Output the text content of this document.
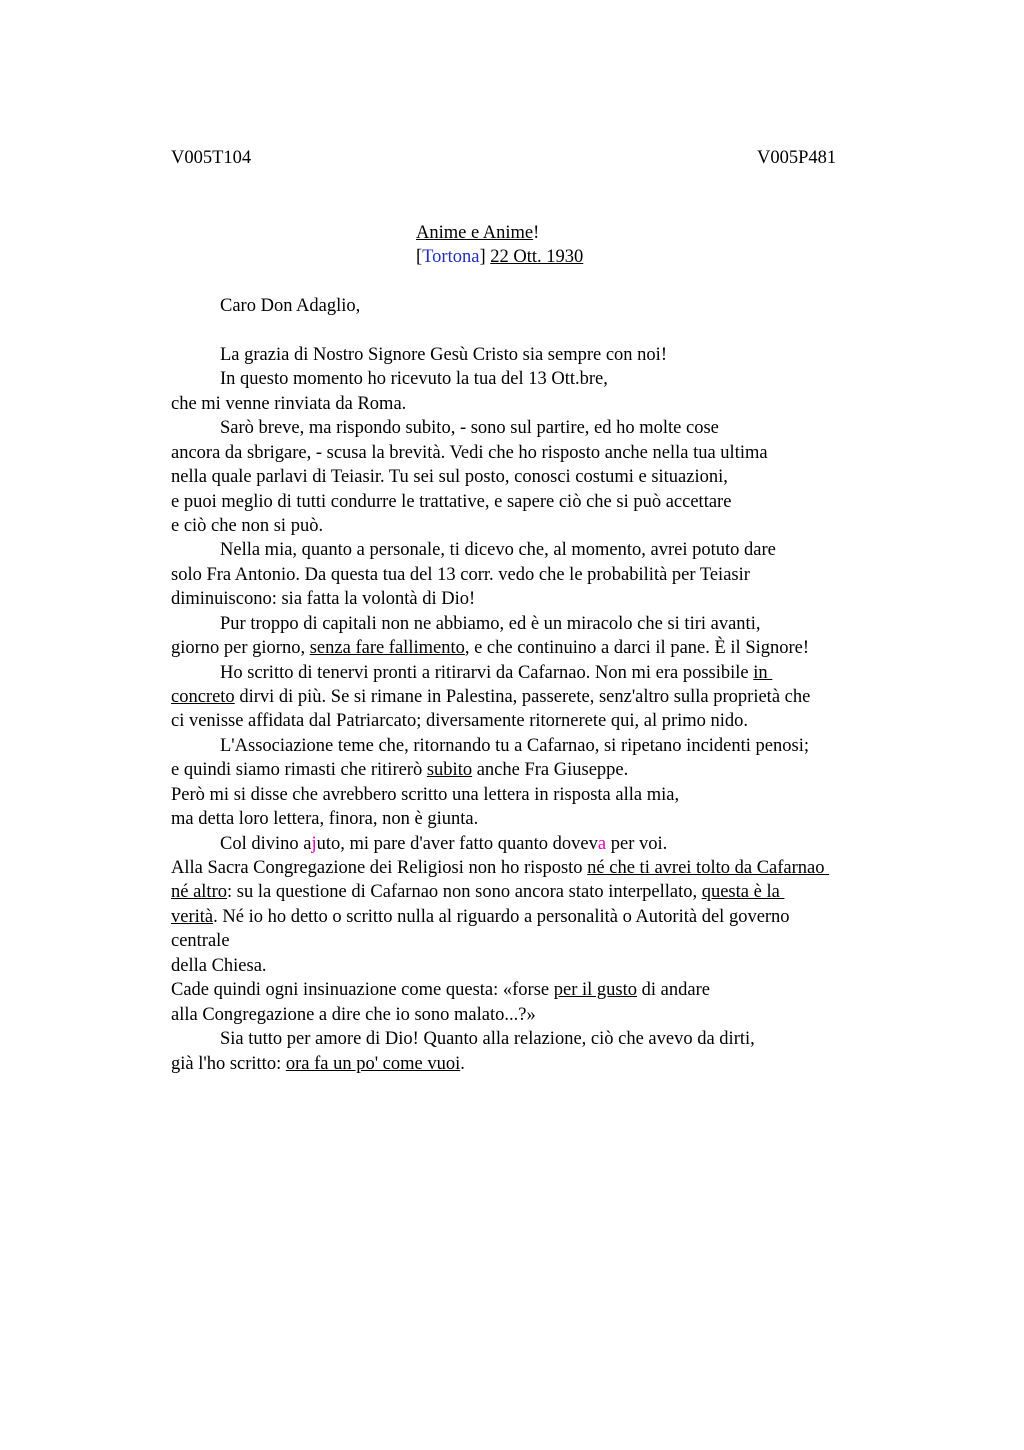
V005T104	V005P481
Anime e Anime!
[Tortona] 22 Ott. 1930
Caro Don Adaglio,
La grazia di Nostro Signore Gesù Cristo sia sempre con noi!
In questo momento ho ricevuto la tua del 13 Ott.bre,
che mi venne rinviata da Roma.
Sarò breve, ma rispondo subito, - sono sul partire, ed ho molte cose
ancora da sbrigare, - scusa la brevità. Vedi che ho risposto anche nella tua ultima
nella quale parlavi di Teiasir. Tu sei sul posto, conosci costumi e situazioni,
e puoi meglio di tutti condurre le trattative, e sapere ciò che si può accettare
e ciò che non si può.
Nella mia, quanto a personale, ti dicevo che, al momento, avrei potuto dare
solo Fra Antonio. Da questa tua del 13 corr. vedo che le probabilità per Teiasir
diminuiscono: sia fatta la volontà di Dio!
Pur troppo di capitali non ne abbiamo, ed è un miracolo che si tiri avanti,
giorno per giorno, senza fare fallimento, e che continuino a darci il pane. È il Signore!
Ho scritto di tenervi pronti a ritirarvi da Cafarnao. Non mi era possibile in
concreto dirvi di più. Se si rimane in Palestina, passerete, senz'altro sulla proprietà che
ci venisse affidata dal Patriarcato; diversamente ritornerete qui, al primo nido.
L'Associazione teme che, ritornando tu a Cafarnao, si ripetano incidenti penosi;
e quindi siamo rimasti che ritirerò subito anche Fra Giuseppe.
Però mi si disse che avrebbero scritto una lettera in risposta alla mia,
ma detta loro lettera, finora, non è giunta.
Col divino ajuto, mi pare d'aver fatto quanto doveva per voi.
Alla Sacra Congregazione dei Religiosi non ho risposto né che ti avrei tolto da Cafarnao
né altro: su la questione di Cafarnao non sono ancora stato interpellato, questa è la
verità. Né io ho detto o scritto nulla al riguardo a personalità o Autorità del governo
centrale
della Chiesa.
Cade quindi ogni insinuazione come questa: «forse per il gusto di andare
alla Congregazione a dire che io sono malato...?»
Sia tutto per amore di Dio! Quanto alla relazione, ciò che avevo da dirti,
già l'ho scritto: ora fa un po' come vuoi.
